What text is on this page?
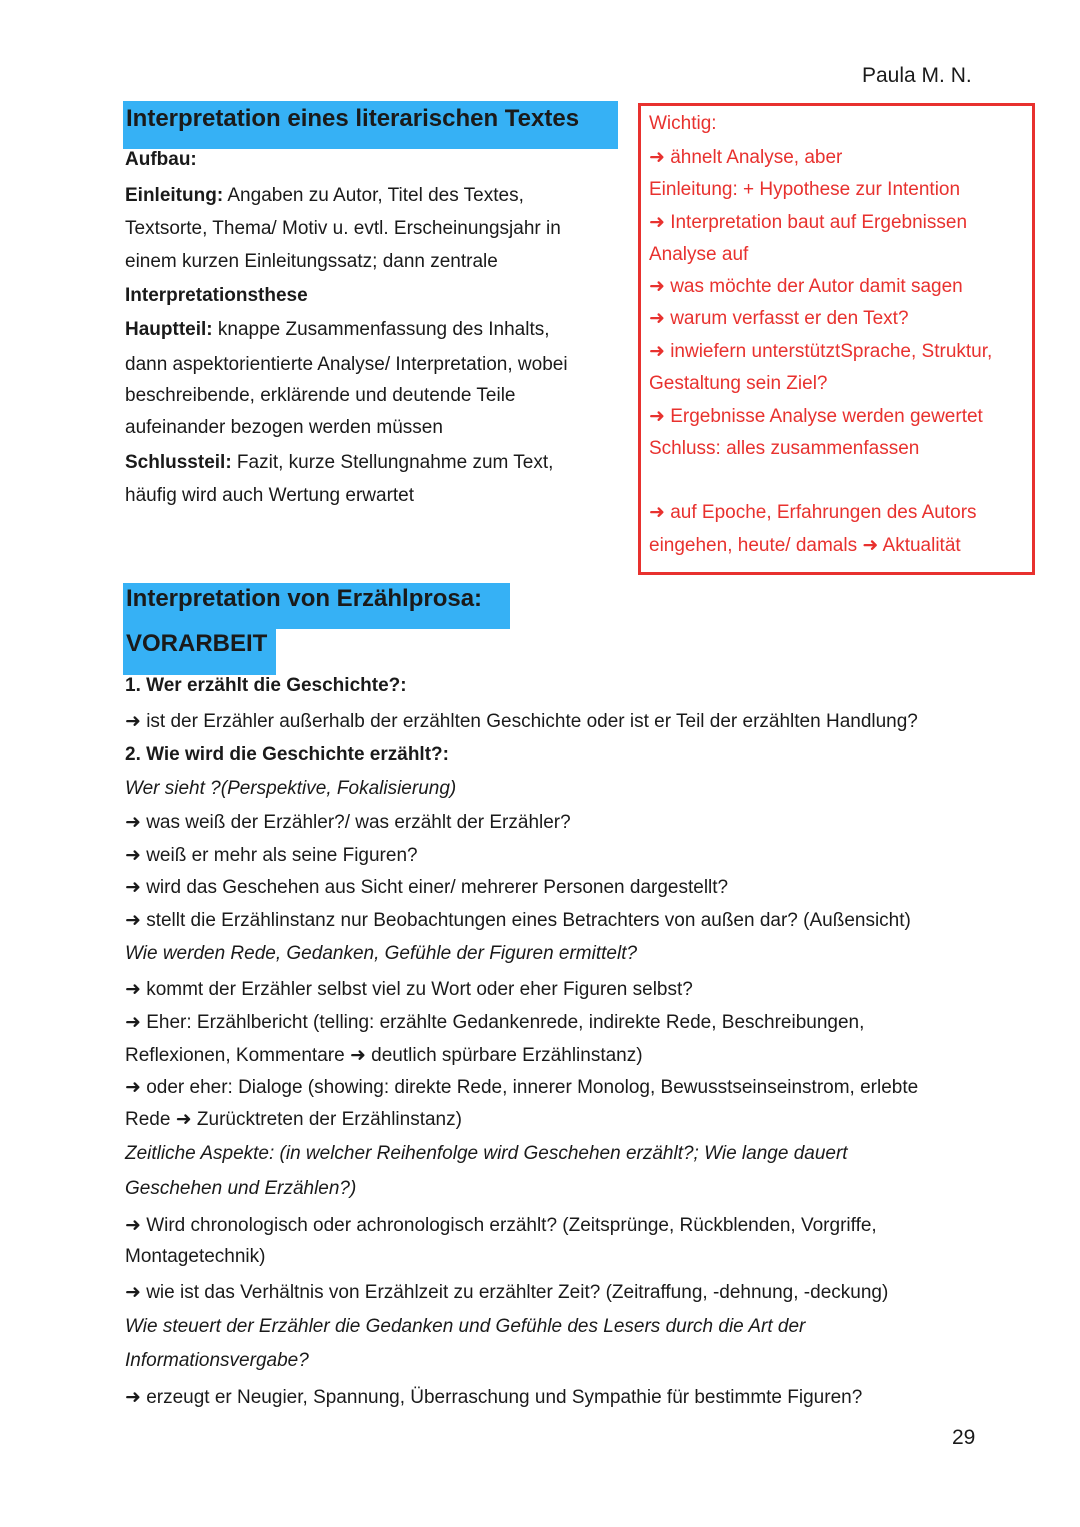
Paula M. N.
Interpretation eines literarischen Textes
Aufbau:
Einleitung: Angaben zu Autor, Titel des Textes,
Textsorte, Thema/ Motiv u. evtl. Erscheinungsjahr in
einem kurzen Einleitungssatz; dann zentrale
Interpretationsthese
Hauptteil: knappe Zusammenfassung des Inhalts,
dann aspektorientierte Analyse/ Interpretation, wobei
beschreibende, erklärende und deutende Teile
aufeinander bezogen werden müssen
Schlussteil: Fazit, kurze Stellungnahme zum Text,
häufig wird auch Wertung erwartet
Wichtig:
➜ ähnelt Analyse, aber
Einleitung: + Hypothese zur Intention
➜ Interpretation baut auf Ergebnissen
Analyse auf
➜ was möchte der Autor damit sagen
➜ warum verfasst er den Text?
➜ inwiefern unterstütztSprache, Struktur,
Gestaltung sein Ziel?
➜ Ergebnisse Analyse werden gewertet
Schluss: alles zusammenfassen
➜ auf Epoche, Erfahrungen des Autors
eingehen, heute/ damals ➜ Aktualität
Interpretation von Erzählprosa:
VORARBEIT
1. Wer erzählt die Geschichte?:
➜ ist der Erzähler außerhalb der erzählten Geschichte oder ist er Teil der erzählten Handlung?
2. Wie wird die Geschichte erzählt?:
Wer sieht ?(Perspektive, Fokalisierung)
➜ was weiß der Erzähler?/ was erzählt der Erzähler?
➜ weiß er mehr als seine Figuren?
➜ wird das Geschehen aus Sicht einer/ mehrerer Personen dargestellt?
➜ stellt die Erzählinstanz nur Beobachtungen eines Betrachters von außen dar? (Außensicht)
Wie werden Rede, Gedanken, Gefühle der Figuren ermittelt?
➜ kommt der Erzähler selbst viel zu Wort oder eher Figuren selbst?
➜ Eher: Erzählbericht (telling: erzählte Gedankenrede, indirekte Rede, Beschreibungen,
Reflexionen, Kommentare ➜ deutlich spürbare Erzählinstanz)
➜ oder eher: Dialoge (showing: direkte Rede, innerer Monolog, Bewusstseinseinstrom, erlebte
Rede ➜ Zurücktreten der Erzählinstanz)
Zeitliche Aspekte: (in welcher Reihenfolge wird Geschehen erzählt?; Wie lange dauert
Geschehen und Erzählen?)
➜ Wird chronologisch oder achronologisch erzählt? (Zeitsprünge, Rückblenden, Vorgriffe,
Montagetechnik)
➜ wie ist das Verhältnis von Erzählzeit zu erzählter Zeit? (Zeitraffung, -dehnung, -deckung)
Wie steuert der Erzähler die Gedanken und Gefühle des Lesers durch die Art der
Informationsvergabe?
➜ erzeugt er Neugier, Spannung, Überraschung und Sympathie für bestimmte Figuren?
29
